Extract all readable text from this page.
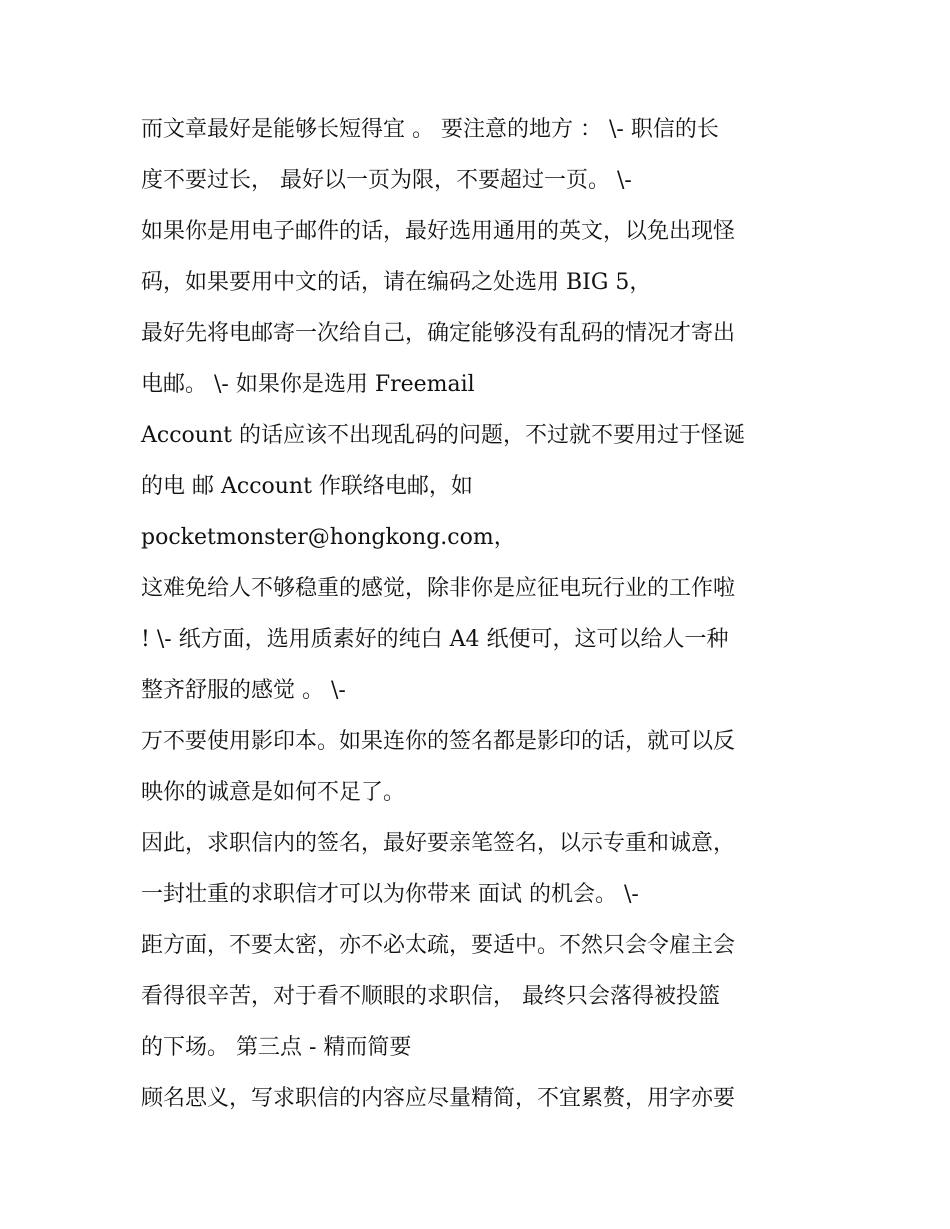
而文章最好是能够长短得宜 。 要注意的地方 ： \- 职信的长
度不要过长， 最好以一页为限，不要超过一页。 \-
如果你是用电子邮件的话，最好选用通用的英文，以免出现怪
码，如果要用中文的话，请在编码之处选用 BIG 5，
最好先将电邮寄一次给自己，确定能够没有乱码的情况才寄出
电邮。 \- 如果你是选用 Freemail
Account 的话应该不出现乱码的问题，不过就不要用过于怪诞
的电 邮 Account 作联络电邮，如
pocketmonster@hongkong.com，
这难免给人不够稳重的感觉，除非你是应征电玩行业的工作啦
! \- 纸方面，选用质素好的纯白 A4 纸便可，这可以给人一种
整齐舒服的感觉 。 \-
万不要使用影印本。如果连你的签名都是影印的话，就可以反
映你的诚意是如何不足了。
因此，求职信内的签名，最好要亲笔签名，以示专重和诚意，
一封壮重的求职信才可以为你带来 面试 的机会。 \-
距方面，不要太密，亦不必太疏，要适中。不然只会令雇主会
看得很辛苦，对于看不顺眼的求职信， 最终只会落得被投篮
的下场。 第三点 - 精而简要
顾名思义，写求职信的内容应尽量精简，不宜累赘，用字亦要
